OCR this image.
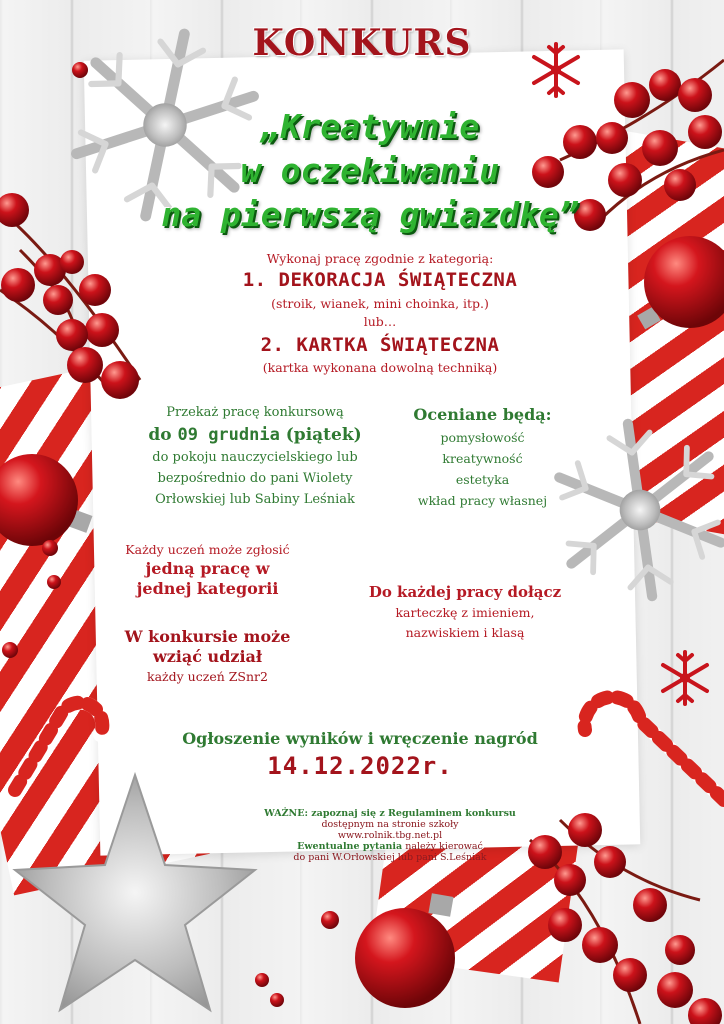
KONKURS
„Kreatywnie
w oczekiwaniu
na pierwszą gwiazdkę”
Wykonaj pracę zgodnie z kategorią:
1. DEKORACJA ŚWIĄTECZNA
(stroik, wianek, mini choinka, itp.)
lub…
2. KARTKA ŚWIĄTECZNA
(kartka wykonana dowolną techniką)
Przekaż pracę konkursową
do 09 grudnia (piątek)
do pokoju nauczycielskiego lub
bezpośrednio do pani Wiolety
Orłowskiej lub Sabiny Leśniak
Oceniane będą:
pomysłowość
kreatywność
estetyka
wkład pracy własnej
Każdy uczeń może zgłosić
jedną pracę w
jednej kategorii
W konkursie może
wziąć udział
każdy uczeń ZSnr2
Do każdej pracy dołącz
karteczkę z imieniem,
nazwiskiem i klasą
Ogłoszenie wyników i wręczenie nagród
14.12.2022r.
WAŻNE: zapoznaj się z Regulaminem konkursu
dostępnym na stronie szkoły
www.rolnik.tbg.net.pl
Ewentualne pytania należy kierować
do pani W.Orłowskiej lub pani S.Leśniak
